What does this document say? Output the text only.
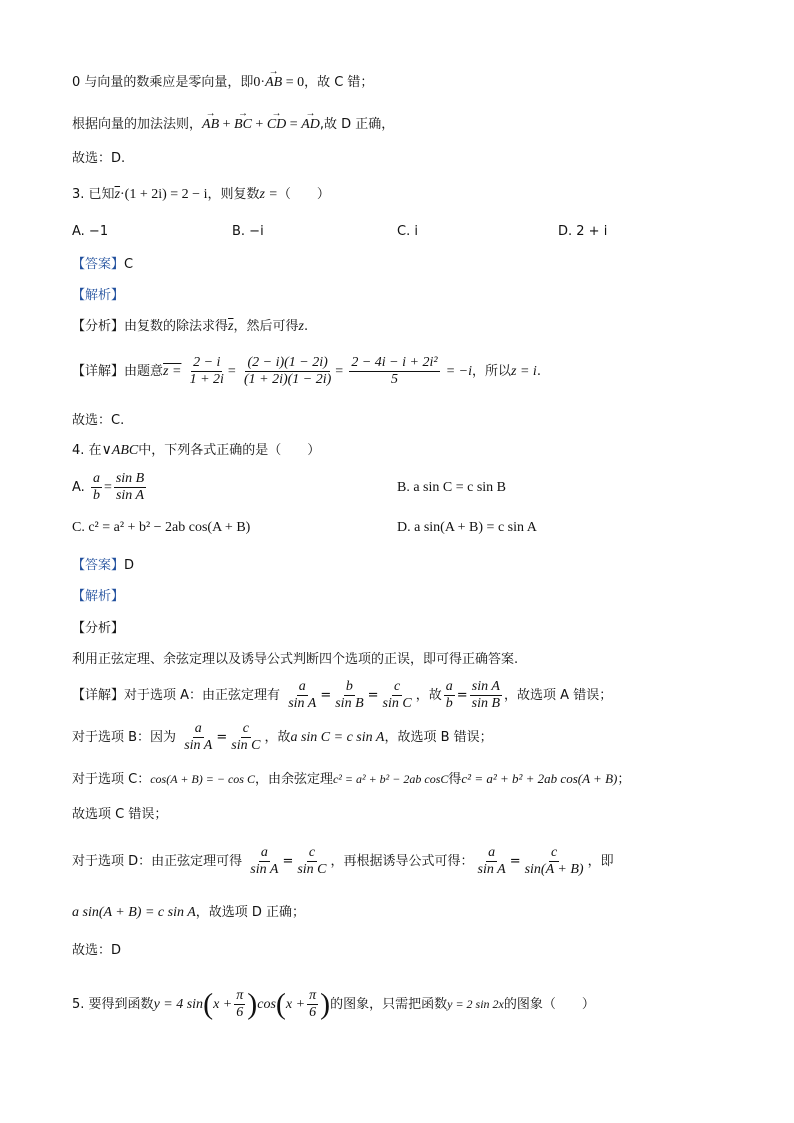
0 与向量的数乘应是零向量，即0·→ AB = 0，故 C 错；
根据向量的加法法则，→ AB + → BC + → CD = → AD,故 D 正确，
故选：D.
3. 已知$\overline{z}\cdot(1 + 2i) = 2 - i$，则复数z =（　　）
A. −1	B. −i	C. i	D. 2 + i
【答案】C
【解析】
【分析】由复数的除法求得$\overline{z}$，然后可得z.
【详解】由题意$z = \frac{2 - i}{1 + 2i} = \frac{(2 - i)(1 - 2i)}{(1 + 2i)(1 - 2i)} = \frac{\text{2 − 4i − i + 2i²}}{5} = -i$，所以z = i.
故选：C.
4. 在∨ABC中，下列各式正确的是（　　）
A. $\frac{a}{b} = \frac{\text{sin B}}{\text{sin A}}$	B. a sin C = c sin B
C. c² = a² + b² − 2ab cos(A + B)	D. a sin(A + B) = c sin A
【答案】D
【解析】
【分析】
利用正弦定理、余弦定理以及诱导公式判断四个选项的正误，即可得正确答案.
【详解】对于选项 A：由正弦定理有 $\frac{a}{\text{sin A}} = \frac{b}{\text{sin B}} = \frac{c}{\text{sin C}}$ ，故 $\frac{a}{b} = \frac{\text{sin A}}{\text{sin B}}$ ，故选项 A 错误；
对于选项 B：因为 $\frac{a}{\text{sin A}} = \frac{c}{\text{sin C}}$ ，故a sin C = c sin A，故选项 B 错误；
对于选项 C：cos(A + B) = − cos C，由余弦定理c² = a² + b² − 2ab cosC得c² = a² + b² + 2ab cos(A + B)；
故选项 C 错误；
对于选项 D：由正弦定理可得 $\frac{a}{\text{sin A}} = \frac{c}{\text{sin C}}$ ，再根据诱导公式可得： $\frac{a}{\text{sin A}} = \frac{c}{\sin(A + B)}$ ，即
a sin(A + B) = c sin A，故选项 D 正确；
故选：D
5. 要得到函数y = 4 $\sin(x + \frac{\pi}{6} )\cos(x + \frac{\pi}{6}$ )的图象，只需把函数y = 2 sin 2x的图象（　　）
